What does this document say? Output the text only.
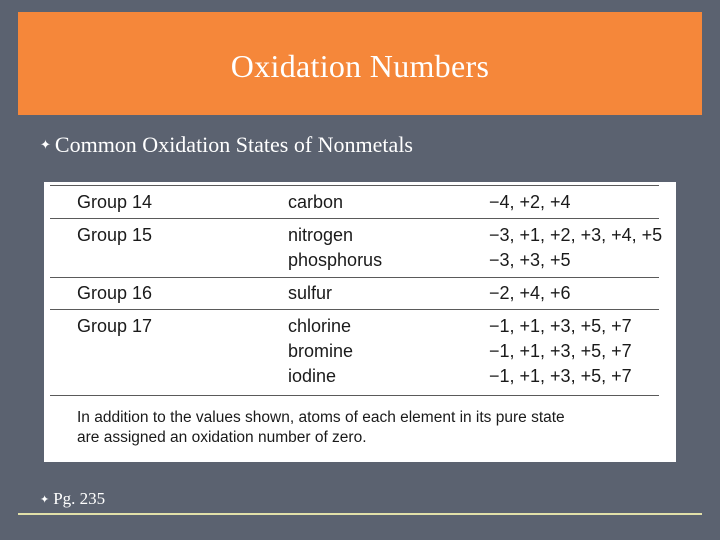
Oxidation Numbers
✦ Common Oxidation States of Nonmetals
Group 14	carbon	−4, +2, +4
Group 15	nitrogen	−3, +1, +2, +3, +4, +5
phosphorus	−3, +3, +5
Group 16	sulfur	−2, +4, +6
Group 17	chlorine	−1, +1, +3, +5, +7
bromine	−1, +1, +3, +5, +7
iodine	−1, +1, +3, +5, +7
In addition to the values shown, atoms of each element in its pure state
are assigned an oxidation number of zero.
✦ Pg. 235
